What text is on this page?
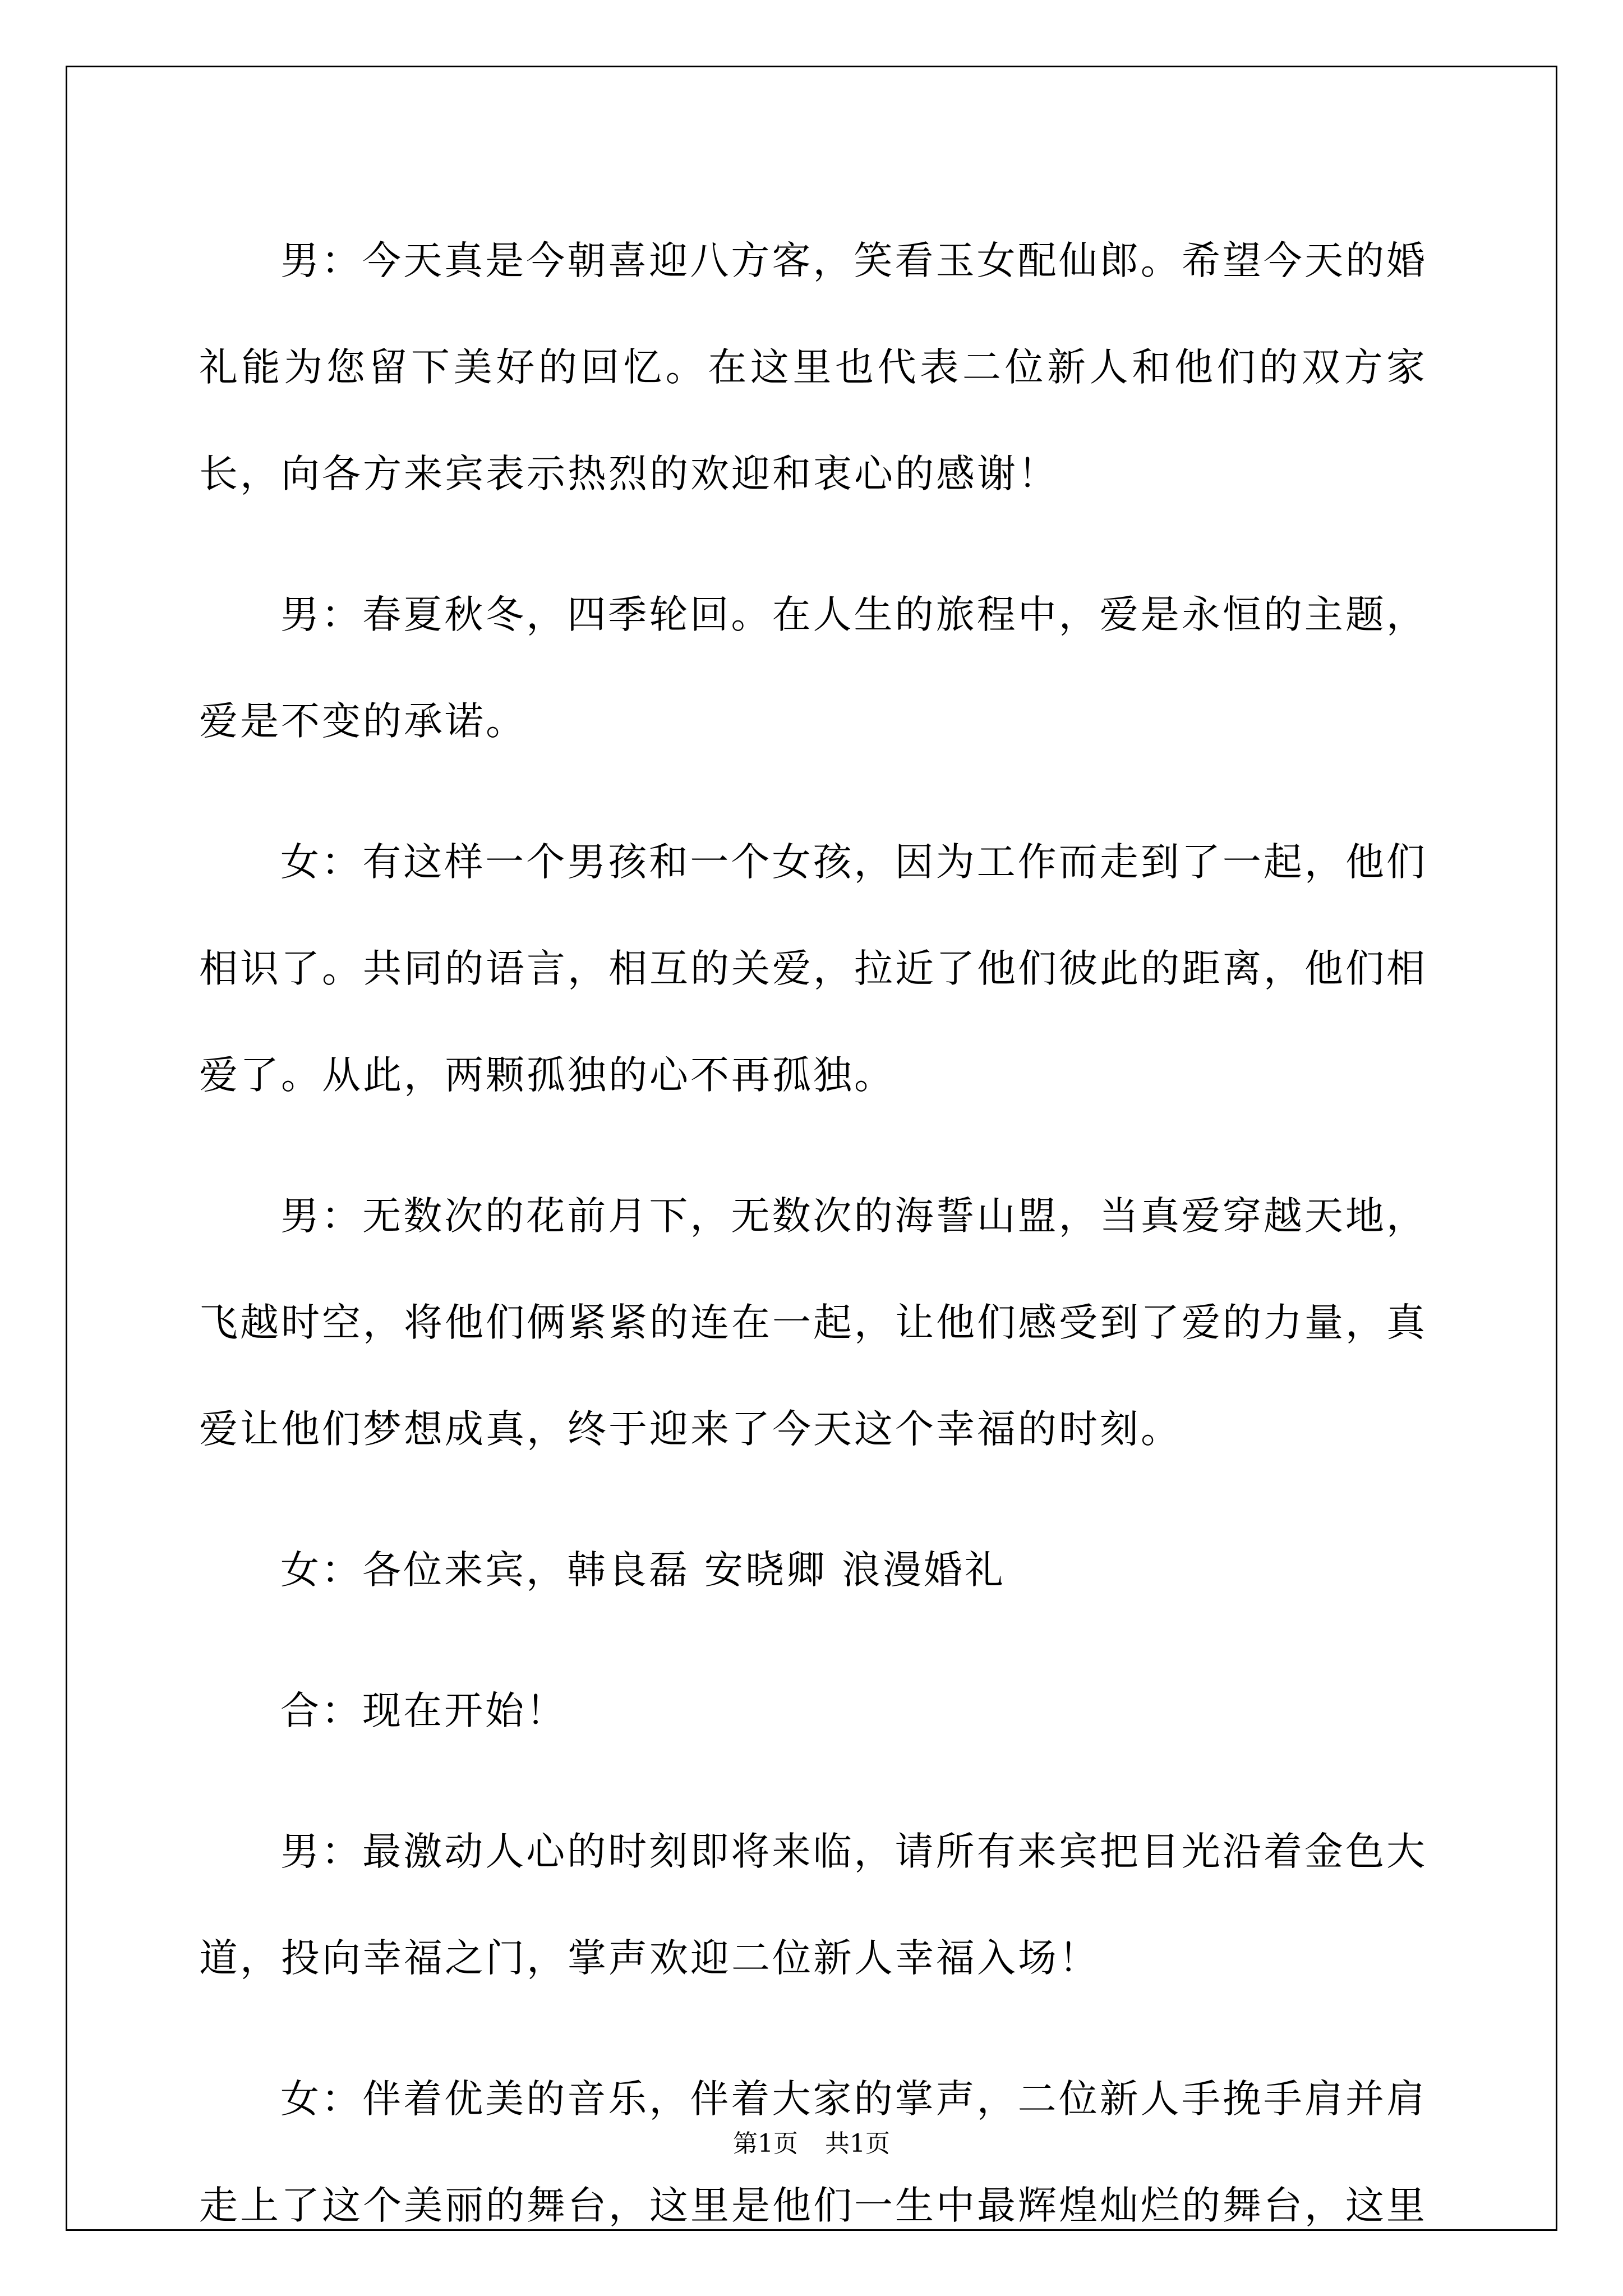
男：今天真是今朝喜迎八方客，笑看玉女配仙郎。希望今天的婚礼能为您留下美好的回忆。在这里也代表二位新人和他们的双方家长，向各方来宾表示热烈的欢迎和衷心的感谢！

男：春夏秋冬，四季轮回。在人生的旅程中，爱是永恒的主题，爱是不变的承诺。

女：有这样一个男孩和一个女孩，因为工作而走到了一起，他们相识了。共同的语言，相互的关爱，拉近了他们彼此的距离，他们相爱了。从此，两颗孤独的心不再孤独。

男：无数次的花前月下，无数次的海誓山盟，当真爱穿越天地，飞越时空，将他们俩紧紧的连在一起，让他们感受到了爱的力量，真爱让他们梦想成真，终于迎来了今天这个幸福的时刻。

女：各位来宾，韩良磊 安晓卿 浪漫婚礼

合：现在开始！

男：最激动人心的时刻即将来临，请所有来宾把目光沿着金色大道，投向幸福之门，掌声欢迎二位新人幸福入场！

女：伴着优美的音乐，伴着大家的掌声，二位新人手挽手肩并肩走上了这个美丽的舞台，这里是他们一生中最辉煌灿烂的舞台，这里

第1页 共1页
